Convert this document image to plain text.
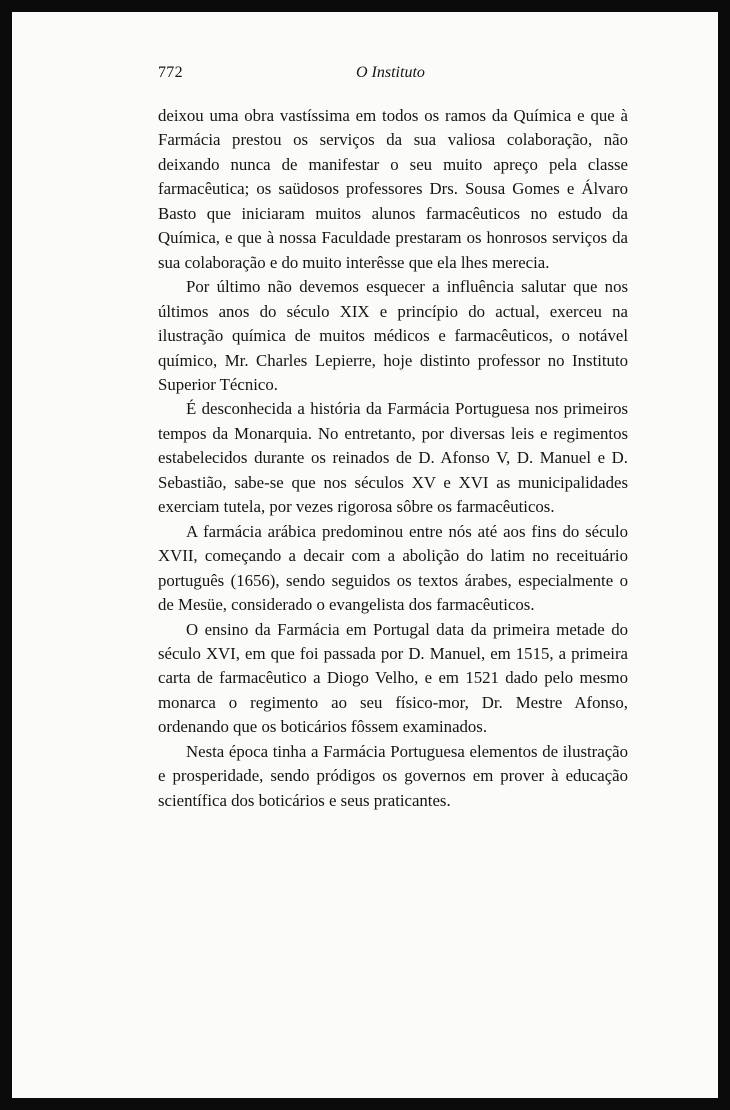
772	O Instituto

deixou uma obra vastíssima em todos os ramos da Química e que à Farmácia prestou os serviços da sua valiosa colaboração, não deixando nunca de manifestar o seu muito apreço pela classe farmacêutica; os saüdosos professores Drs. Sousa Gomes e Álvaro Basto que iniciaram muitos alunos farmacêuticos no estudo da Química, e que à nossa Faculdade prestaram os honrosos serviços da sua colaboração e do muito interêsse que ela lhes merecia.

Por último não devemos esquecer a influência salutar que nos últimos anos do século XIX e princípio do actual, exerceu na ilustração química de muitos médicos e farmacêuticos, o notável químico, Mr. Charles Lepierre, hoje distinto professor no Instituto Superior Técnico.

É desconhecida a história da Farmácia Portuguesa nos primeiros tempos da Monarquia. No entretanto, por diversas leis e regimentos estabelecidos durante os reinados de D. Afonso V, D. Manuel e D. Sebastião, sabe-se que nos séculos XV e XVI as municipalidades exerciam tutela, por vezes rigorosa sôbre os farmacêuticos.

A farmácia arábica predominou entre nós até aos fins do século XVII, começando a decair com a abolição do latim no receituário português (1656), sendo seguidos os textos árabes, especialmente o de Mesüe, considerado o evangelista dos farmacêuticos.

O ensino da Farmácia em Portugal data da primeira metade do século XVI, em que foi passada por D. Manuel, em 1515, a primeira carta de farmacêutico a Diogo Velho, e em 1521 dado pelo mesmo monarca o regimento ao seu físico-mor, Dr. Mestre Afonso, ordenando que os boticários fôssem examinados.

Nesta época tinha a Farmácia Portuguesa elementos de ilustração e prosperidade, sendo pródigos os governos em prover à educação scientífica dos boticários e seus praticantes.
